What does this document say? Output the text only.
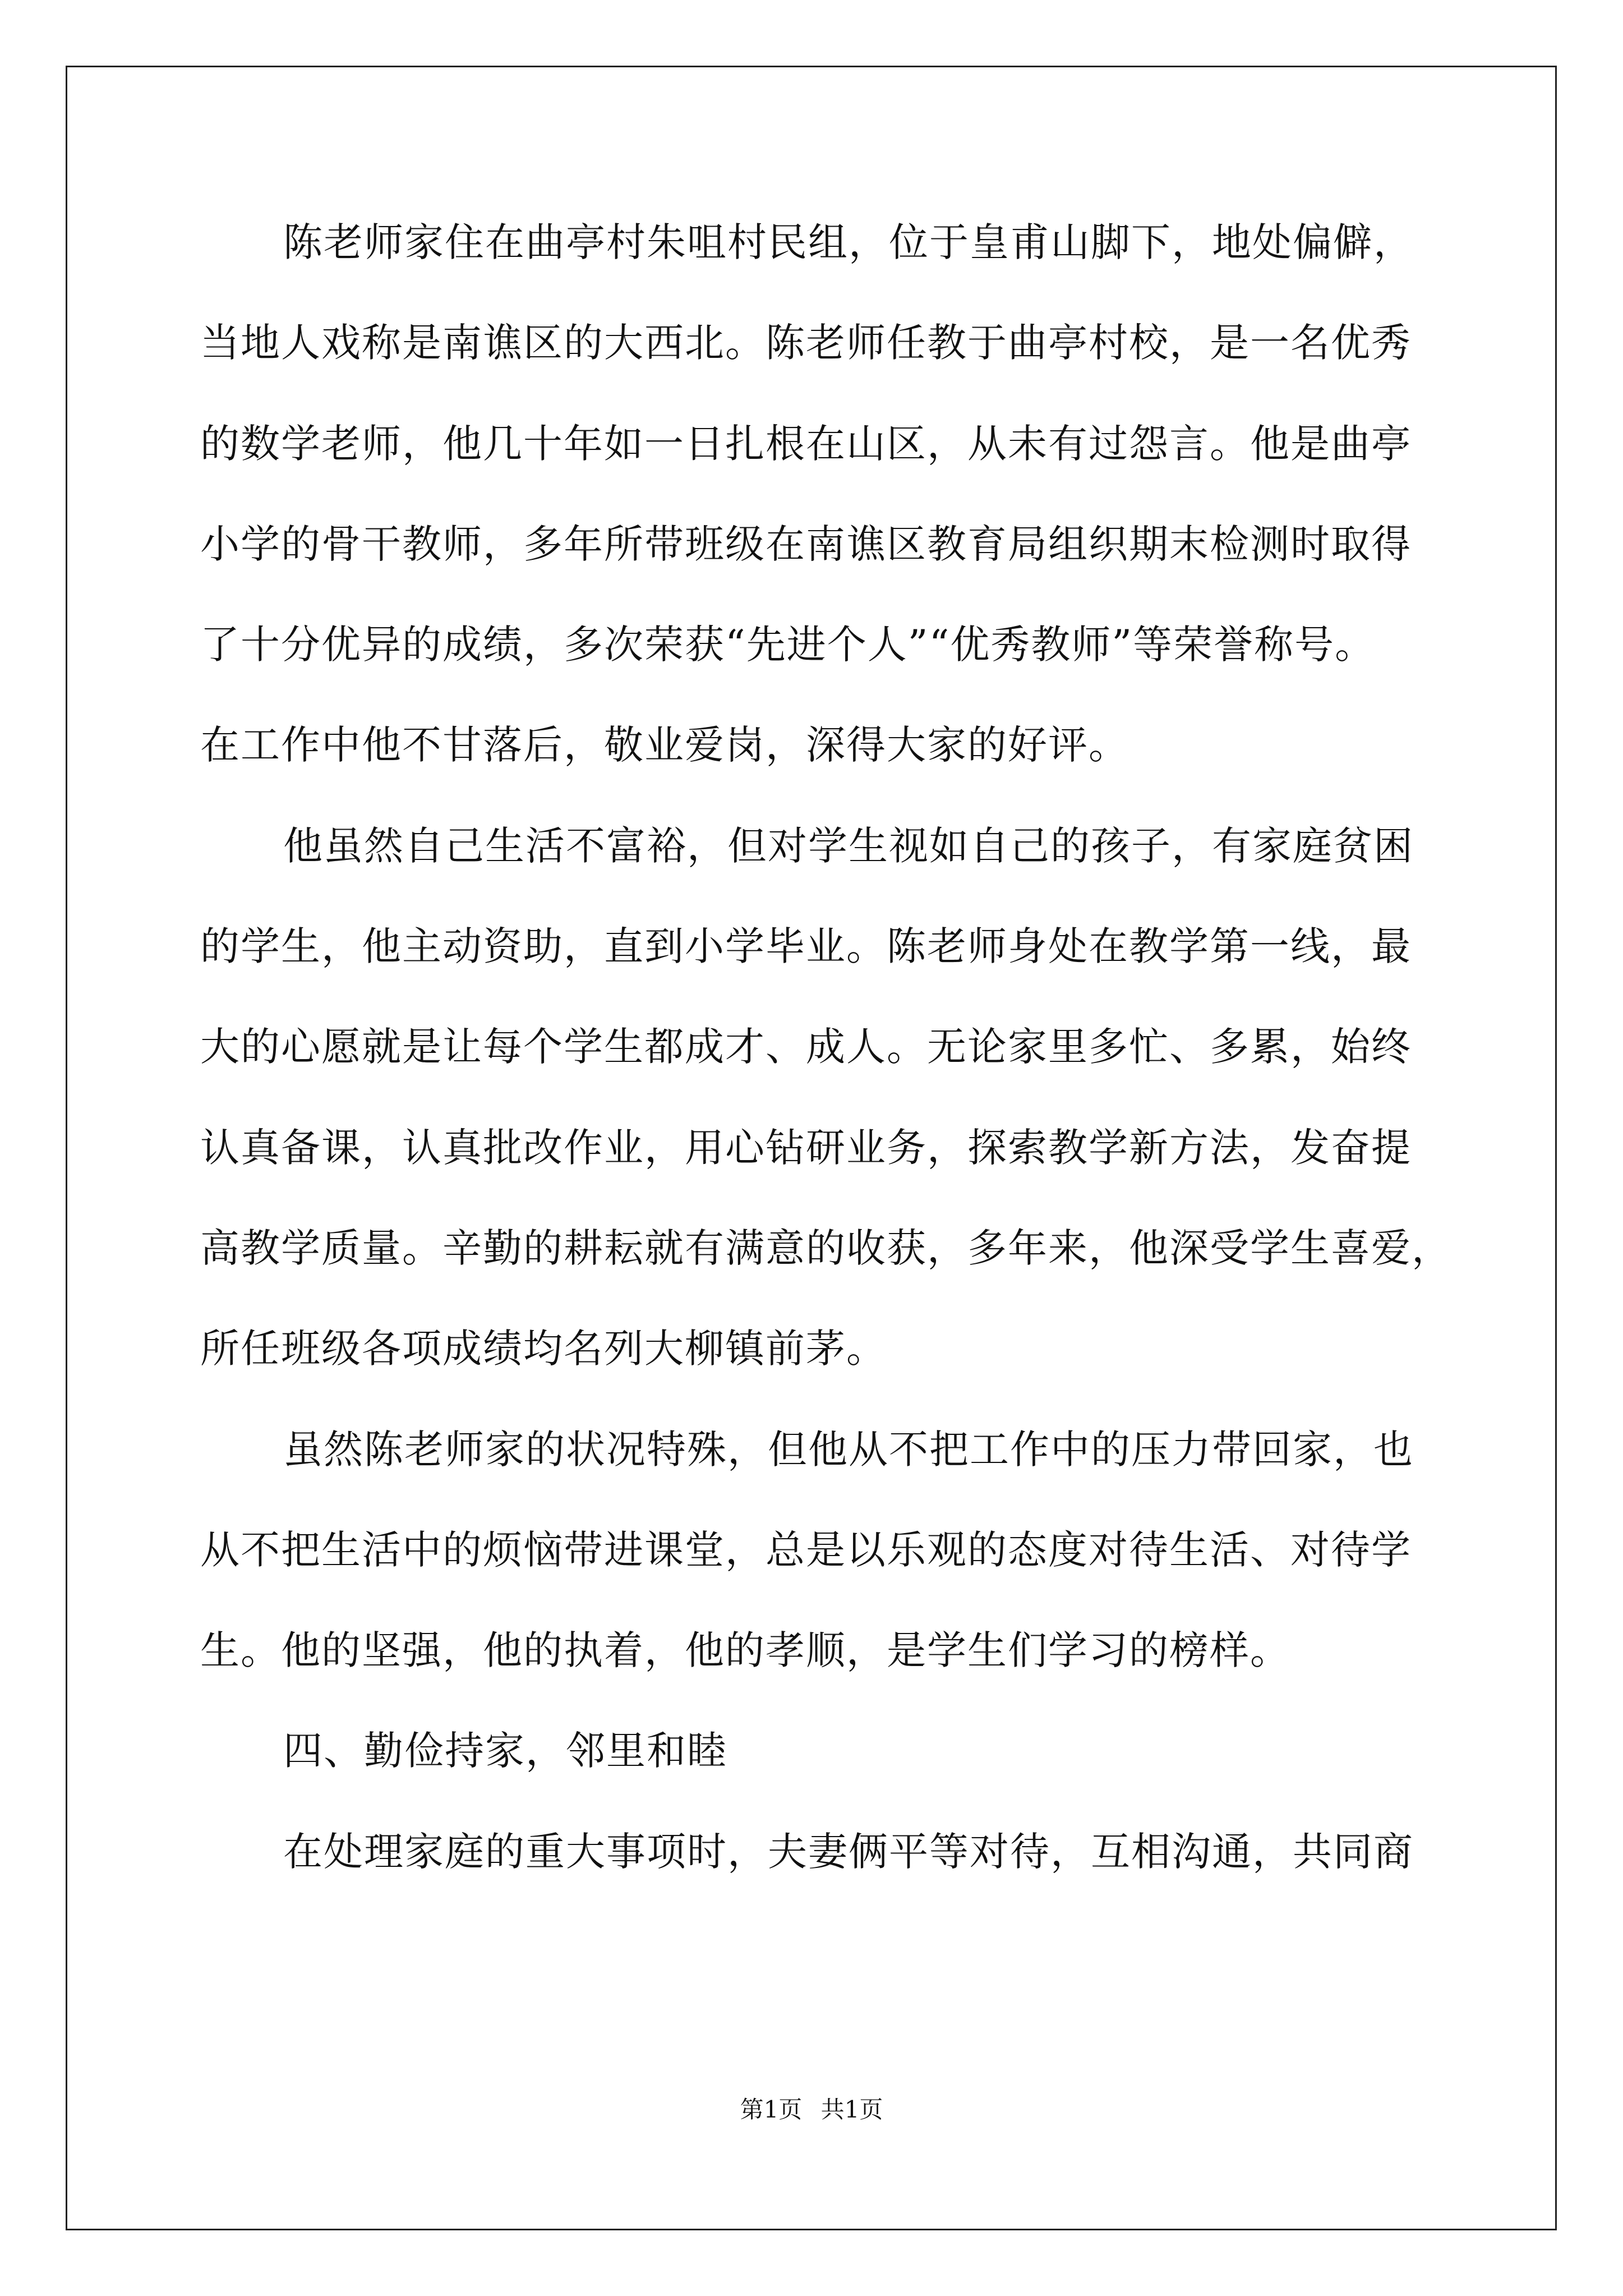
陈老师家住在曲亭村朱咀村民组，位于皇甫山脚下，地处偏僻，
当地人戏称是南谯区的大西北。陈老师任教于曲亭村校，是一名优秀
的数学老师，他几十年如一日扎根在山区，从未有过怨言。他是曲亭
小学的骨干教师，多年所带班级在南谯区教育局组织期末检测时取得
了十分优异的成绩，多次荣获“先进个人”“优秀教师”等荣誉称号。
在工作中他不甘落后，敬业爱岗，深得大家的好评。
他虽然自己生活不富裕，但对学生视如自己的孩子，有家庭贫困
的学生，他主动资助，直到小学毕业。陈老师身处在教学第一线，最
大的心愿就是让每个学生都成才、成人。无论家里多忙、多累，始终
认真备课，认真批改作业，用心钻研业务，探索教学新方法，发奋提
高教学质量。辛勤的耕耘就有满意的收获，多年来，他深受学生喜爱，
所任班级各项成绩均名列大柳镇前茅。
虽然陈老师家的状况特殊，但他从不把工作中的压力带回家，也
从不把生活中的烦恼带进课堂，总是以乐观的态度对待生活、对待学
生。他的坚强，他的执着，他的孝顺，是学生们学习的榜样。
四、勤俭持家，邻里和睦
在处理家庭的重大事项时，夫妻俩平等对待，互相沟通，共同商
第1页 共1页
